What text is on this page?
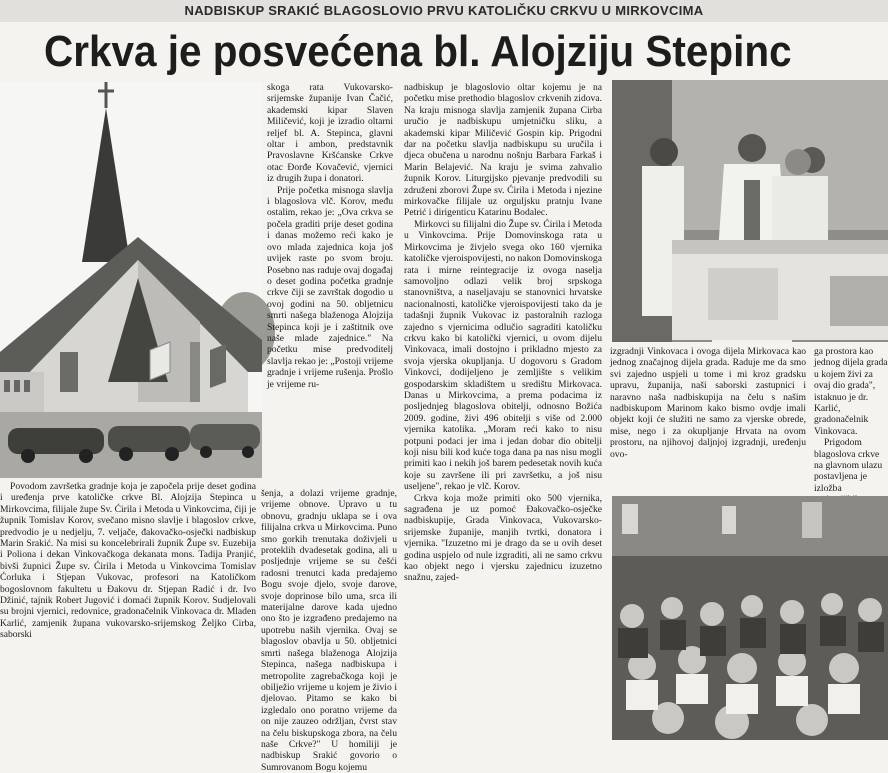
NADBISKUP SRAKIĆ BLAGOSLOVIO PRVU KATOLIČKU CRKVU U MIRKOVCIMA
Crkva je posvećena bl. Alojziju Stepinc

Povodom završetka gradnje koja je započela prije deset godina i uređenja prve katoličke crkve Bl. Alojzija Stepinca u Mirkovcima, filijale župe Sv. Ćirila i Metoda u Vinkovcima, čiji je župnik Tomislav Korov, svečano misno slavlje i blagoslov crkve, predvodio je u nedjelju, 7. veljače, đakovačko-osječki nadbiskup Marin Srakić. Na misi su koncelebrirali župnik Župe sv. Euzebija i Poliona i dekan Vinkovačkoga dekanata mons. Tadija Pranjić, bivši župnici Župe sv. Ćirila i Metoda u Vinkovcima Tomislav Ćorluka i Stjepan Vukovac, profesori na Katoličkom bogoslovnom fakultetu u Đakovu dr. Stjepan Radić i dr. Ivo Džinić, tajnik Robert Jugović i domaći župnik Korov. Sudjelovali su brojni vjernici, redovnice, gradonačelnik Vinkovaca dr. Mladen Karlić, zamjenik župana vukovarsko-srijemskog Željko Cirba, saborski

skoga rata Vukovarsko-srijemske županije Ivan Čačić, akademski kipar Slaven Miličević, koji je izradio oltarni reljef bl. A. Stepinca, glavni oltar i ambon, predstavnik Pravoslavne Kršćanske Crkve otac Đorđe Kovačević, vjernici iz drugih župa i donatori.

Prije početka misnoga slavlja i blagoslova vlč. Korov, među ostalim, rekao je: „Ova crkva se počela graditi prije deset godina i danas možemo reći kako je ovo mlada zajednica koja još uvijek raste po svom broju. Posebno nas raduje ovaj događaj o deset godina početka gradnje crkve čiji se završtak dogodio u ovoj godini na 50. obljetnicu smrti našega blaženoga Alojzija Stepinca koji je i zaštitnik ove naše mlade zajednice." Na početku mise predvoditelj slavlja rekao je: „Postoji vrijeme gradnje i vrijeme rušenja. Prošlo je vrijeme ru-

šenja, a dolazi vrijeme gradnje, vrijeme obnove. Upravo u tu obnovu, gradnju uklapa se i ova filijalna crkva u Mirkovcima. Puno smo gorkih trenutaka doživjeli u proteklih dvadesetak godina, ali u posljednje vrijeme se su češći radosni trenutci kada predajemo Bogu svoje djelo, svoje darove, svoje doprinose bilo uma, srca ili materijalne darove kada ujedno ono što je izgrađeno predajemo na upotrebu naših vjernika. Ovaj se blagoslov obavlja u 50. obljetnici smrti našega blaženoga Alojzija Stepinca, našega nadbiskupa i metropolite zagrebačkoga koji je obilježio vrijeme u kojem je živio i djelovao. Pitamo se kako bi izgledalo ono poratno vrijeme da on nije zauzeo održljan, čvrst stav na čelu biskupskoga zbora, na čelu naše Crkve?" U homiliji je nadbiskup Srakić govorio o Sumrovanom Bogu kojemu

nadbiskup je blagoslovio oltar kojemu je na početku mise prethodio blagoslov crkvenih zidova. Na kraju misnoga slavlja zamjenik župana Cirba uručio je nadbiskupu umjetničku sliku, a akademski kipar Miličević Gospin kip. Prigodni dar na početku slavlja nadbiskupu su uručila i djeca obučena u narodnu nošnju Barbara Farkaš i Marin Belajević. Na kraju je svima zahvalio župnik Korov. Liturgijsko pjevanje predvodili su združeni zborovi Župe sv. Ćirila i Metoda i njezine mirkovačke filijale uz orguljsku pratnju Ivane Petrić i dirigenticu Katarinu Bodalec.

Mirkovci su filijalni dio Župe sv. Ćirila i Metoda u Vinkovcima. Prije Domovinskoga rata u Mirkovcima je živjelo svega oko 160 vjernika katoličke vjeroispovijesti, no nakon Domovinskoga rata i mirne reintegracije iz ovoga naselja samovoljno odlazi velik broj srpskoga stanovništva, a naseljavaju se stanovnici hrvatske nacionalnosti, katoličke vjeroispovijesti tako da je tadašnji župnik Vukovac iz pastoralnih razloga zajedno s vjernicima odlučio sagraditi katoličku crkvu kako bi katolički vjernici, u ovom dijelu Vinkovaca, imali dostojno i prikladno mjesto za svoja vjerska okupljanja. U dogovoru s Gradom Vinkovci, dodijeljeno je zemljište s velikim gospodarskim skladištem u središtu Mirkovaca. Danas u Mirkovcima, a prema podacima iz posljednjeg blagoslova obitelji, odnosno Božića 2009. godine, živi 496 obitelji s više od 2.000 vjernika katolika. „Moram reći kako to nisu potpuni podaci jer ima i jedan dobar dio obitelji koji nisu bili kod kuće toga dana pa nas nisu mogli primiti kao i nekih još barem pedesetak novih kuća koje su završene ili pri završetku, a još nisu useljene", rekao je vlč. Korov.

Crkva koja može primiti oko 500 vjernika, sagrađena je uz pomoć Đakovačko-osječke nadbiskupije, Grada Vinkovaca, Vukovarsko-srijemske županije, manjih tvrtki, donatora i vjernika. "Izuzetno mi je drago da se u ovih deset godina uspjelo od nule izgraditi, ali ne samo crkvu kao objekt nego i vjersku zajednicu izuzetno snažnu, zajed-

izgradnji Vinkovaca i ovoga dijela Mirkovaca kao jednog značajnog dijela grada. Raduje me da smo svi zajedno uspjeli u tome i mi kroz gradsku upravu, županija, naši saborski zastupnici i naravno naša nadbiskupija na čelu s našim nadbiskupom Marinom kako bismo ovdje imali objekt koji će služiti ne samo za vjerske obrede, mise, nego i za okupljanje Hrvata na ovom prostoru, na njihovoj daljnjoj izgradnji, uređenju ovo-

ga prostora kao jednog dijela grada u kojem živi za ovaj dio grada", istaknuo je dr. Karlić, gradonačelnik Vinkovaca.

Prigodom blagoslova crkve na glavnom ulazu postavljena je izložba
